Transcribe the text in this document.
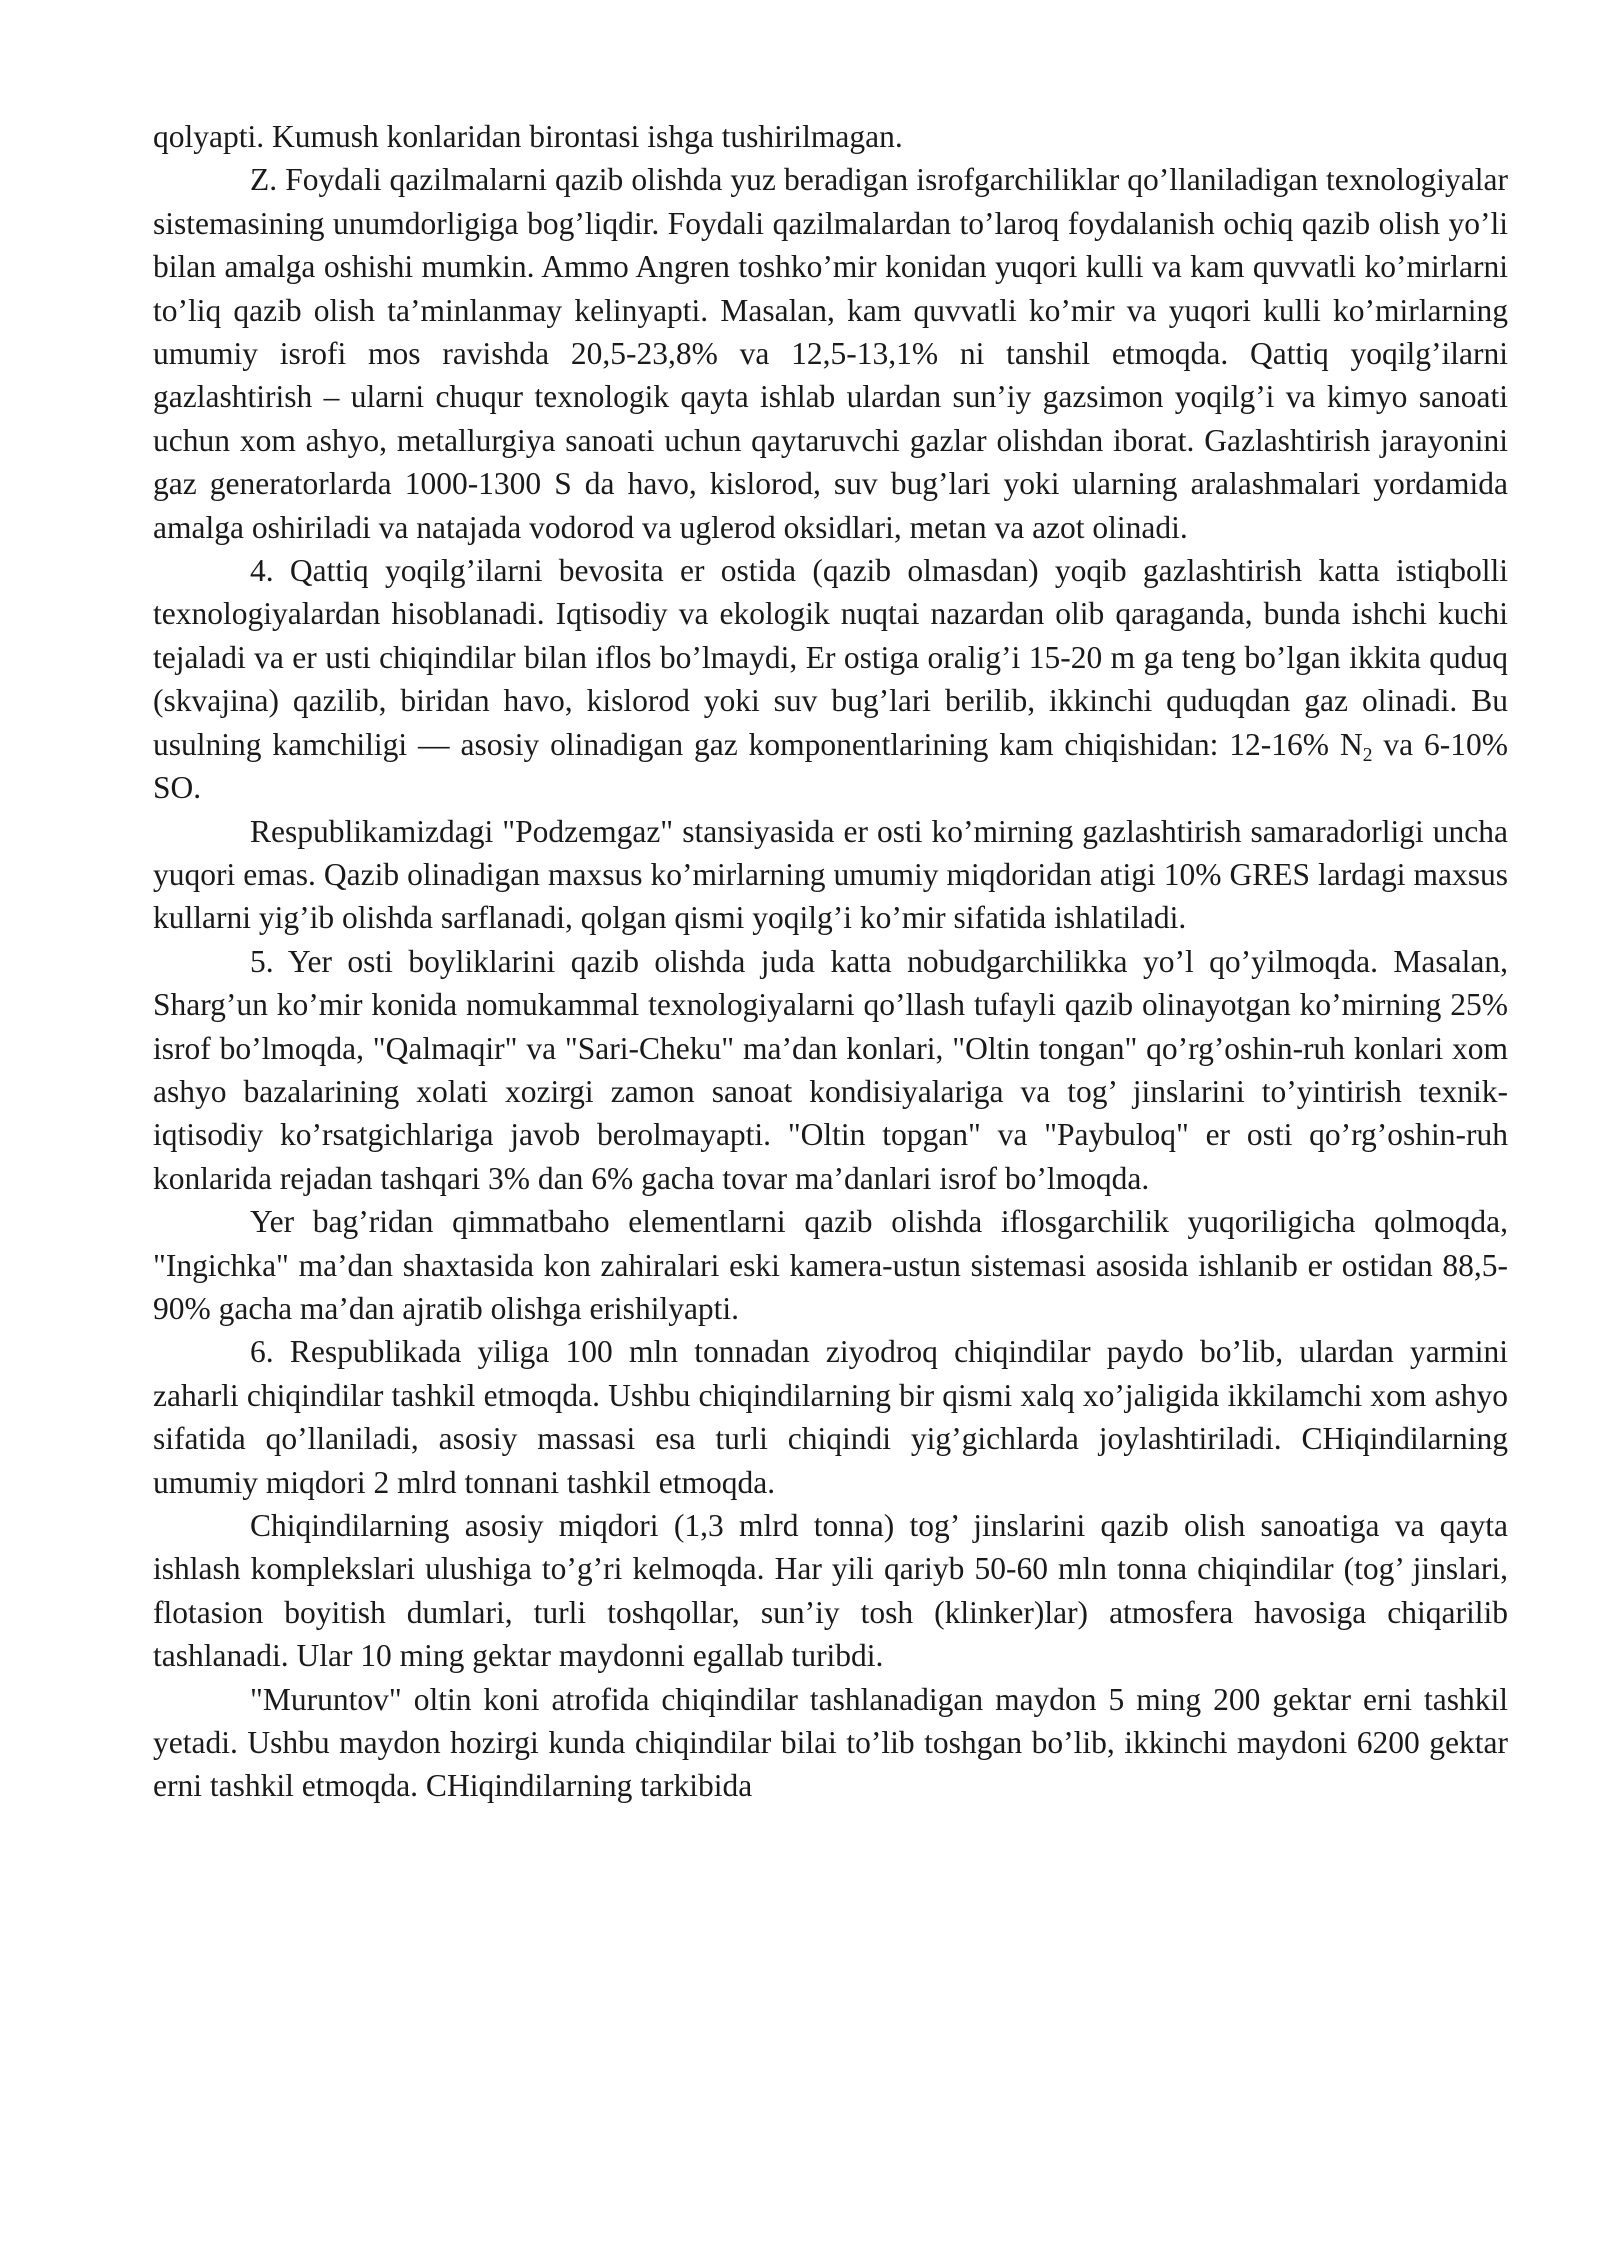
qolyapti. Kumush konlaridan birontasi ishga tushirilmagan.

Z. Foydali qazilmalarni qazib olishda yuz beradigan isrofgarchiliklar qo’llaniladigan texnologiyalar sistemasining unumdorligiga bog’liqdir. Foydali qazilmalardan to’laroq foydalanish ochiq qazib olish yo’li bilan amalga oshishi mumkin. Ammo Angren toshko’mir konidan yuqori kulli va kam quvvatli ko’mirlarni to’liq qazib olish ta’minlanmay kelinyapti. Masalan, kam quvvatli ko’mir va yuqori kulli ko’mirlarning umumiy isrofi mos ravishda 20,5-23,8% va 12,5-13,1% ni tanshil etmoqda. Qattiq yoqilg’ilarni gazlashtirish – ularni chuqur texnologik qayta ishlab ulardan sun’iy gazsimon yoqilg’i va kimyo sanoati uchun xom ashyo, metallurgiya sanoati uchun qaytaruvchi gazlar olishdan iborat. Gazlashtirish jarayonini gaz generatorlarda 1000-1300 S da havo, kislorod, suv bug’lari yoki ularning aralashmalari yordamida amalga oshiriladi va natajada vodorod va uglerod oksidlari, metan va azot olinadi.

4. Qattiq yoqilg’ilarni bevosita er ostida (qazib olmasdan) yoqib gazlashtirish katta istiqbolli texnologiyalardan hisoblanadi. Iqtisodiy va ekologik nuqtai nazardan olib qaraganda, bunda ishchi kuchi tejaladi va er usti chiqindilar bilan iflos bo’lmaydi, Er ostiga oralig’i 15-20 m ga teng bo’lgan ikkita quduq (skvajina) qazilib, biridan havo, kislorod yoki suv bug’lari berilib, ikkinchi quduqdan gaz olinadi. Bu usulning kamchiligi — asosiy olinadigan gaz komponentlarining kam chiqishidan: 12-16% $N_2$ va 6-10% SO.

Respublikamizdagi "Podzemgaz" stansiyasida er osti ko’mirning gazlashtirish samaradorligi uncha yuqori emas. Qazib olinadigan maxsus ko’mirlarning umumiy miqdoridan atigi 10% GRES lardagi maxsus kullarni yig’ib olishda sarflanadi, qolgan qismi yoqilg’i ko’mir sifatida ishlatiladi.

5. Yer osti boyliklarini qazib olishda juda katta nobudgarchilikka yo’l qo’yilmoqda. Masalan, Sharg’un ko’mir konida nomukammal texnologiyalarni qo’llash tufayli qazib olinayotgan ko’mirning 25% isrof bo’lmoqda, "Qalmaqir" va "Sari-Cheku" ma’dan konlari, "Oltin tongan" qo’rg’oshin-ruh konlari xom ashyo bazalarining xolati xozirgi zamon sanoat kondisiyalariga va tog’ jinslarini to’yintirish texnik-iqtisodiy ko’rsatgichlariga javob berolmayapti. "Oltin topgan" va "Paybuloq" er osti qo’rg’oshin-ruh konlarida rejadan tashqari 3% dan 6% gacha tovar ma’danlari isrof bo’lmoqda.

Yer bag’ridan qimmatbaho elementlarni qazib olishda iflosgarchilik yuqoriligicha qolmoqda, "Ingichka" ma’dan shaxtasida kon zahiralari eski kamera-ustun sistemasi asosida ishlanib er ostidan 88,5-90% gacha ma’dan ajratib olishga erishilyapti.

6. Respublikada yiliga 100 mln tonnadan ziyodroq chiqindilar paydo bo’lib, ulardan yarmini zaharli chiqindilar tashkil etmoqda. Ushbu chiqindilarning bir qismi xalq xo’jaligida ikkilamchi xom ashyo sifatida qo’llaniladi, asosiy massasi esa turli chiqindi yig’gichlarda joylashtiriladi. CHiqindilarning umumiy miqdori 2 mlrd tonnani tashkil etmoqda.

Chiqindilarning asosiy miqdori (1,3 mlrd tonna) tog’ jinslarini qazib olish sanoatiga va qayta ishlash komplekslari ulushiga to’g’ri kelmoqda. Har yili qariyb 50-60 mln tonna chiqindilar (tog’ jinslari, flotasion boyitish dumlari, turli toshqollar, sun’iy tosh (klinker)lar) atmosfera havosiga chiqarilib tashlanadi. Ular 10 ming gektar maydonni egallab turibdi.

"Muruntov" oltin koni atrofida chiqindilar tashlanadigan maydon 5 ming 200 gektar erni tashkil yetadi. Ushbu maydon hozirgi kunda chiqindilar bilai to’lib toshgan bo’lib, ikkinchi maydoni 6200 gektar erni tashkil etmoqda. CHiqindilarning tarkibida
